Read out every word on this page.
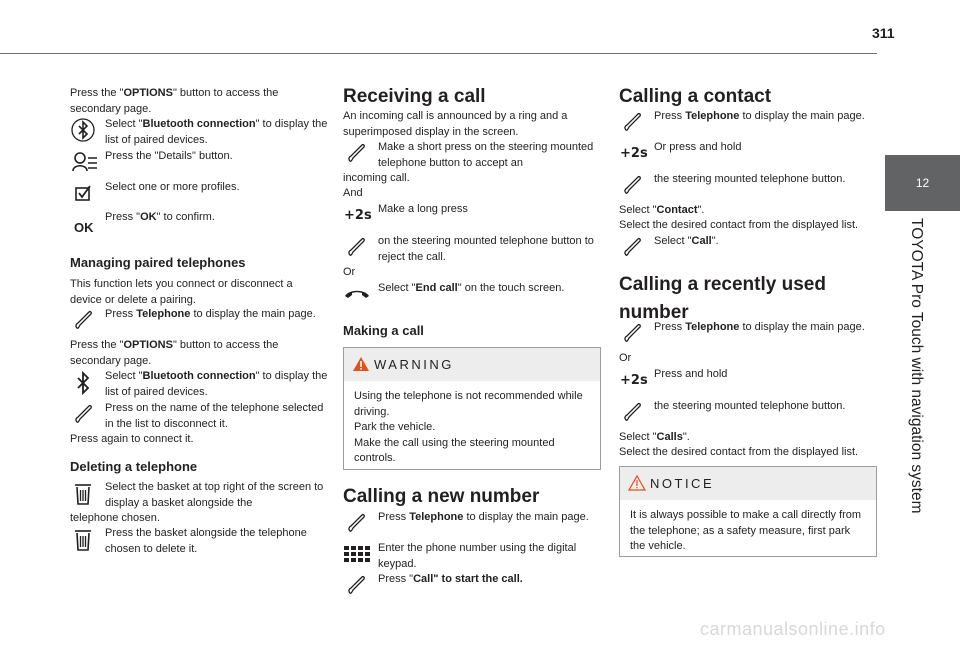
311
12
TOYOTA Pro Touch with navigation system

Press the "OPTIONS" button to access the secondary page.

Select "Bluetooth connection" to display the list of paired devices.

Press the "Details" button.

Select one or more profiles.

OK

Press "OK" to confirm.

Managing paired telephones

This function lets you connect or disconnect a device or delete a pairing.

Press Telephone to display the main page.

Press the "OPTIONS" button to access the secondary page.

Select "Bluetooth connection" to display the list of paired devices.

Press on the name of the telephone selected in the list to disconnect it.

Press again to connect it.

Deleting a telephone

Select the basket at top right of the screen to display a basket alongside the

telephone chosen.

Press the basket alongside the telephone chosen to delete it.

Receiving a call

An incoming call is announced by a ring and a superimposed display in the screen.

Make a short press on the steering mounted telephone button to accept an

incoming call.

And

+2s Make a long press

on the steering mounted telephone button to reject the call.

Or

Select "End call" on the touch screen.

Making a call

WARNING

Using the telephone is not recommended while driving.

Park the vehicle.

Make the call using the steering mounted controls.

Calling a new number

Press Telephone to display the main page.

Enter the phone number using the digital keypad.

Press "Call" to start the call.

Calling a contact

Press Telephone to display the main page.

+2s Or press and hold

the steering mounted telephone button.

Select "Contact".

Select the desired contact from the displayed list.

Select "Call".

Calling a recently used
number

Press Telephone to display the main page.

Or

+2s Press and hold

the steering mounted telephone button.

Select "Calls".

Select the desired contact from the displayed list.

NOTICE

It is always possible to make a call directly from the telephone; as a safety measure, first park the vehicle.

carmanualsonline.info
